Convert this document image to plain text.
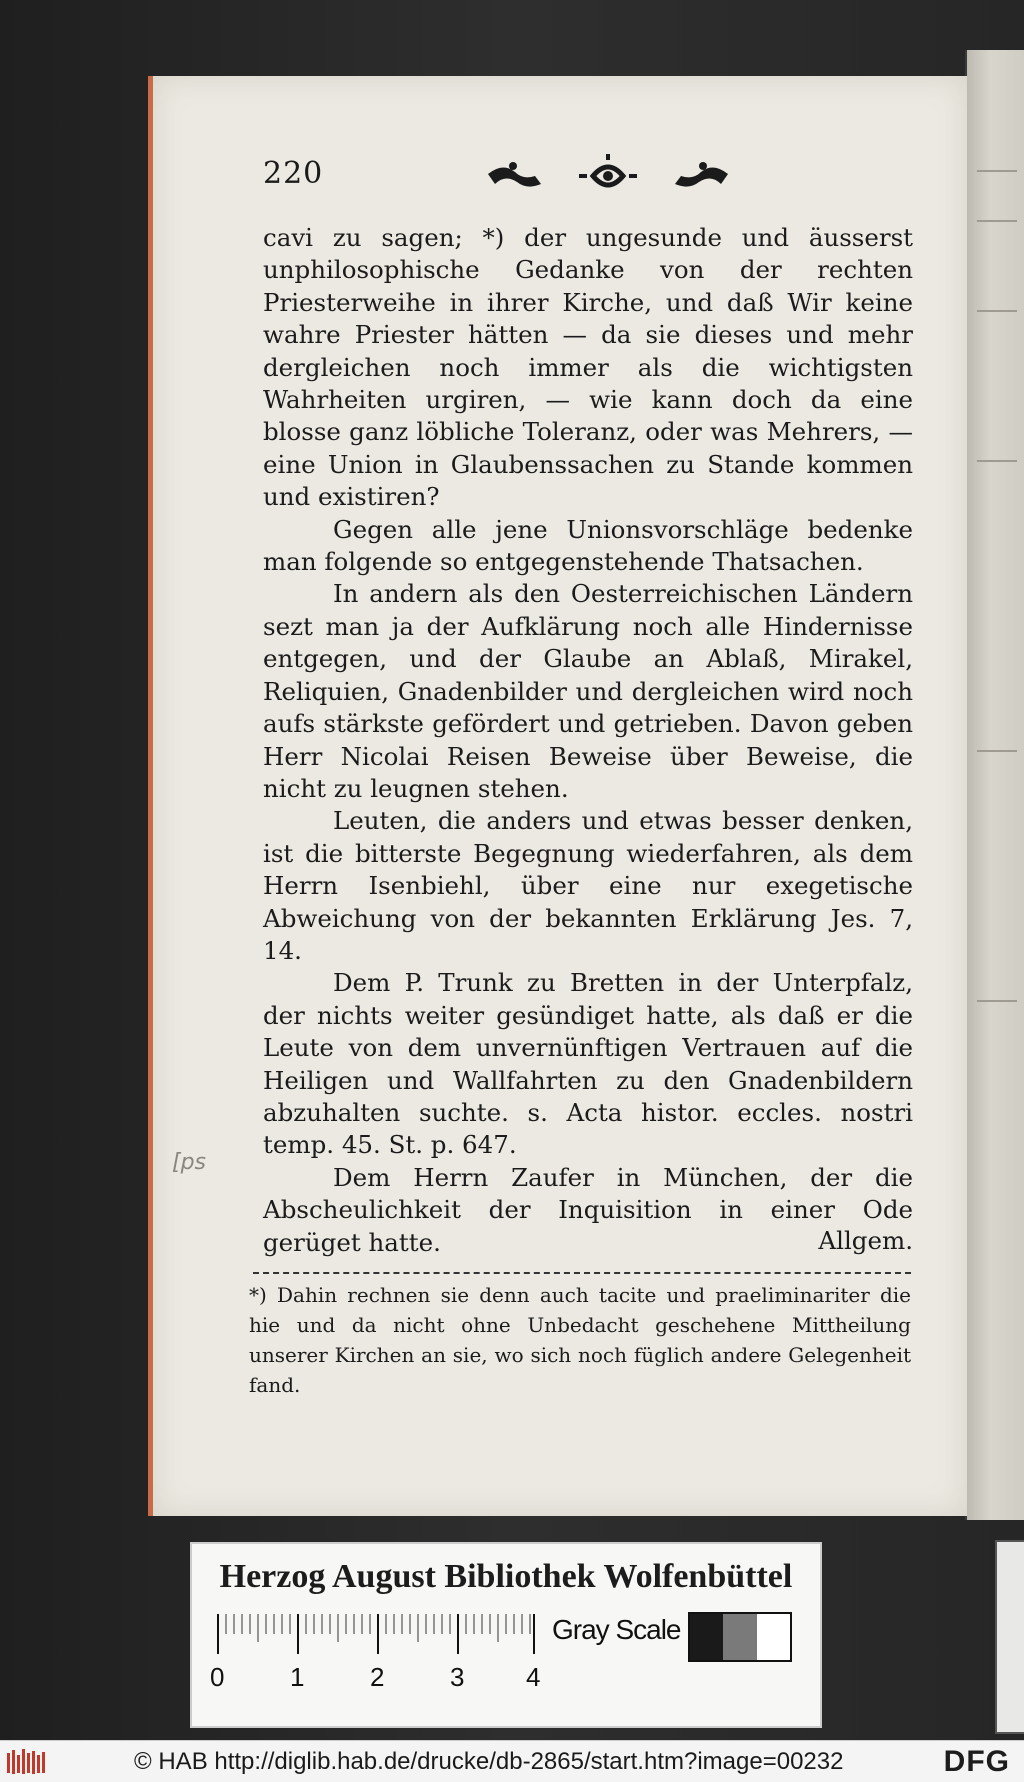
220

cavi zu sagen; *) der ungesunde und äusserst unphilosophische Gedanke von der rechten Priesterweihe in ihrer Kirche, und daß Wir keine wahre Priester hätten — da sie dieses und mehr dergleichen noch immer als die wichtigsten Wahrheiten urgiren, — wie kann doch da eine blosse ganz löbliche Toleranz, oder was Mehrers, — eine Union in Glaubenssachen zu Stande kommen und existiren?

Gegen alle jene Unionsvorschläge bedenke man folgende so entgegenstehende Thatsachen.

In andern als den Oesterreichischen Ländern sezt man ja der Aufklärung noch alle Hindernisse entgegen, und der Glaube an Ablaß, Mirakel, Reliquien, Gnadenbilder und dergleichen wird noch aufs stärkste gefördert und getrieben. Davon geben Herr Nicolai Reisen Beweise über Beweise, die nicht zu leugnen stehen.

Leuten, die anders und etwas besser denken, ist die bitterste Begegnung wiederfahren, als dem Herrn Isenbiehl, über eine nur exegetische Abweichung von der bekannten Erklärung Jes. 7, 14.

Dem P. Trunk zu Bretten in der Unterpfalz, der nichts weiter gesündiget hatte, als daß er die Leute von dem unvernünftigen Vertrauen auf die Heiligen und Wallfahrten zu den Gnadenbildern abzuhalten suchte. s. Acta histor. eccles. nostri temp. 45. St. p. 647.

Dem Herrn Zaufer in München, der die Abscheulichkeit der Inquisition in einer Ode gerüget hatte.	Allgem.
*) Dahin rechnen sie denn auch tacite und praeliminariter die hie und da nicht ohne Unbedacht geschehene Mittheilung unserer Kirchen an sie, wo sich noch füglich andere Gelegenheit fand.
[ps
Herzog August Bibliothek Wolfenbüttel
0	1	2	3 4
Gray Scale
© HAB http://diglib.hab.de/drucke/db-2865/start.htm?image=00232	DFG
